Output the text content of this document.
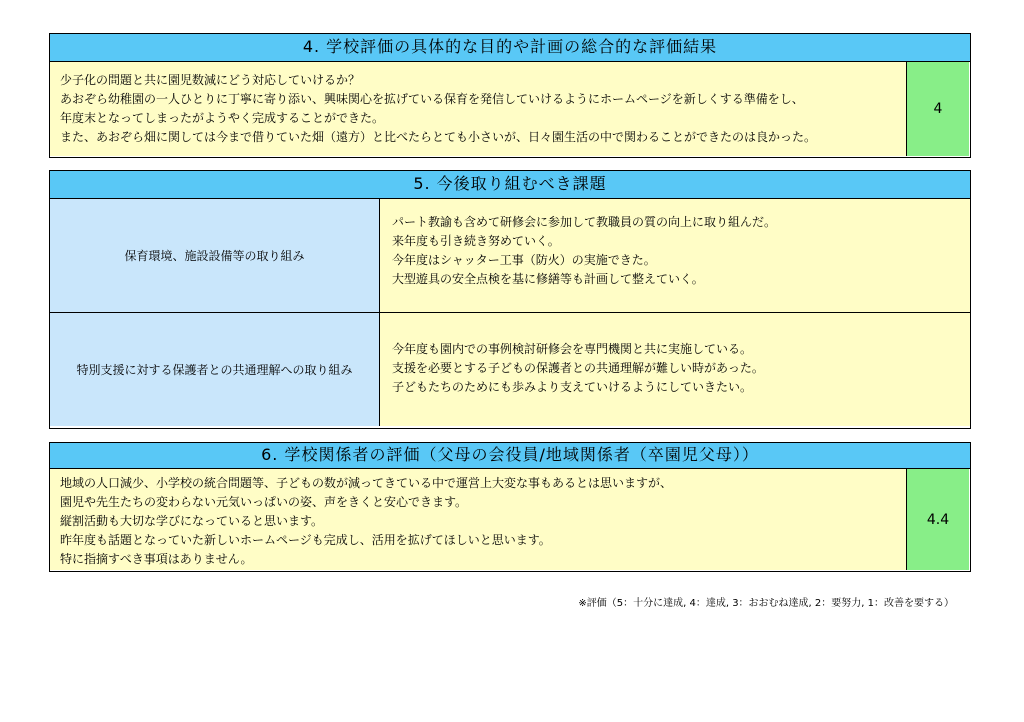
4. 学校評価の具体的な目的や計画の総合的な評価結果
少子化の問題と共に園児数減にどう対応していけるか？
あおぞら幼稚園の一人ひとりに丁寧に寄り添い、興味関心を拡げている保育を発信していけるようにホームページを新しくする準備をし、
年度末となってしまったがようやく完成することができた。
また、あおぞら畑に関しては今まで借りていた畑（遠方）と比べたらとても小さいが、日々園生活の中で関わることができたのは良かった。
4
5. 今後取り組むべき課題
保育環境、施設設備等の取り組み
パート教諭も含めて研修会に参加して教職員の質の向上に取り組んだ。
来年度も引き続き努めていく。
今年度はシャッター工事（防火）の実施できた。
大型遊具の安全点検を基に修繕等も計画して整えていく。
特別支援に対する保護者との共通理解への取り組み
今年度も園内での事例検討研修会を専門機関と共に実施している。
支援を必要とする子どもの保護者との共通理解が難しい時があった。
子どもたちのためにも歩みより支えていけるようにしていきたい。
6. 学校関係者の評価（父母の会役員/地域関係者（卒園児父母））
地域の人口減少、小学校の統合問題等、子どもの数が減ってきている中で運営上大変な事もあるとは思いますが、
園児や先生たちの変わらない元気いっぱいの姿、声をきくと安心できます。
縦割活動も大切な学びになっていると思います。
昨年度も話題となっていた新しいホームページも完成し、活用を拡げてほしいと思います。
特に指摘すべき事項はありません。
4.4
※評価（5：十分に達成, 4：達成, 3：おおむね達成, 2：要努力, 1：改善を要する）
